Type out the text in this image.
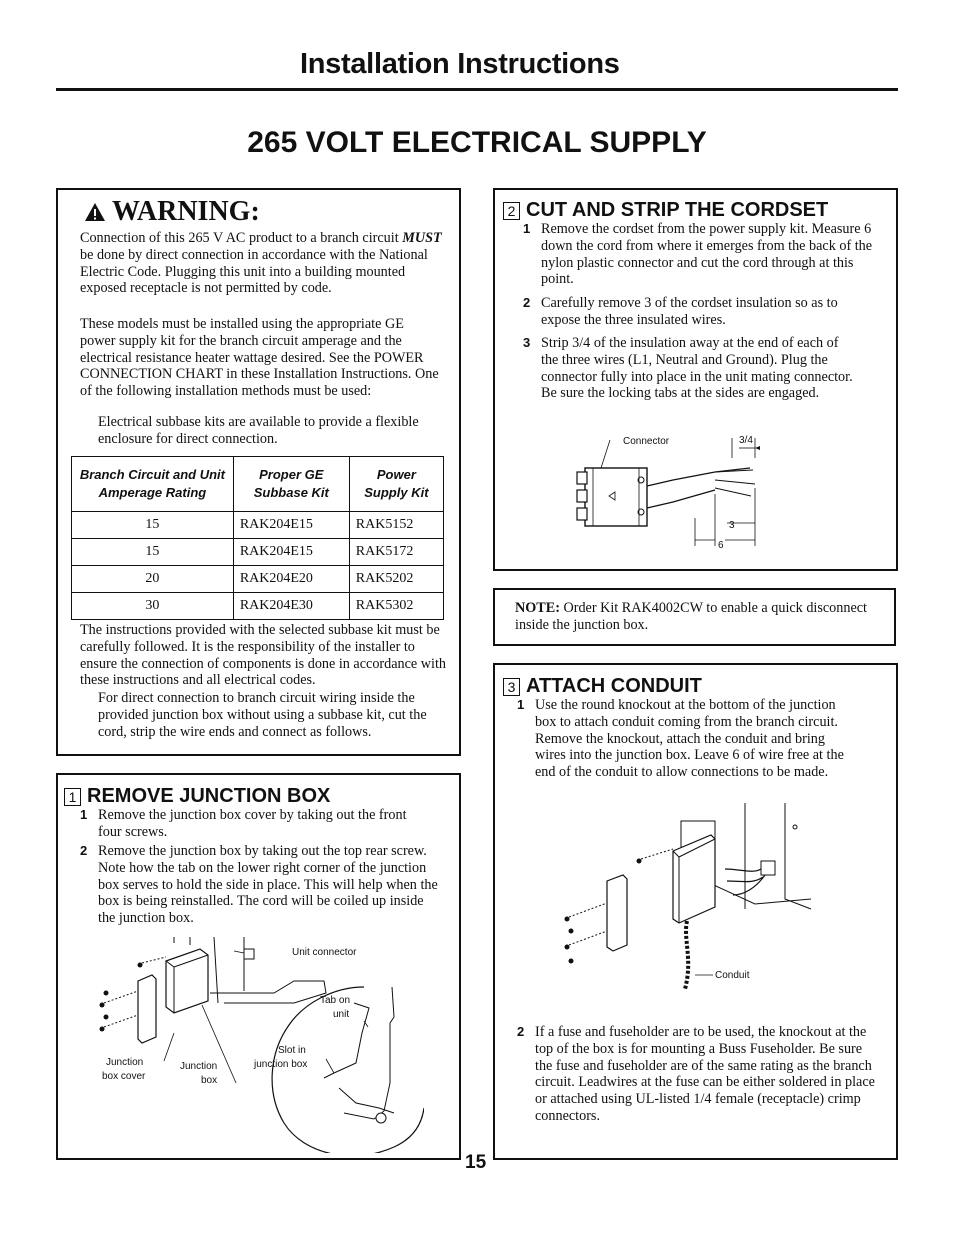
Installation Instructions
265 VOLT ELECTRICAL SUPPLY
WARNING:
Connection of this 265 V AC product to a branch circuit MUST be done by direct connection in accordance with the National Electric Code. Plugging this unit into a building mounted exposed receptacle is not permitted by code.
These models must be installed using the appropriate GE power supply kit for the branch circuit amperage and the electrical resistance heater wattage desired. See the POWER CONNECTION CHART in these Installation Instructions. One of the following installation methods must be used:
Electrical subbase kits are available to provide a flexible enclosure for direct connection.
Branch Circuit and Unit Amperage Rating	Proper GE Subbase Kit	Power Supply Kit
15	RAK204E15	RAK5152
15	RAK204E15	RAK5172
20	RAK204E20	RAK5202
30	RAK204E30	RAK5302
The instructions provided with the selected subbase kit must be carefully followed. It is the responsibility of the installer to ensure the connection of components is done in accordance with these instructions and all electrical codes.
For direct connection to branch circuit wiring inside the provided junction box without using a subbase kit, cut the cord, strip the wire ends and connect as follows.
2 CUT AND STRIP THE CORDSET
1 Remove the cordset from the power supply kit. Measure 6 down the cord from where it emerges from the back of the nylon plastic connector and cut the cord through at this point.
2 Carefully remove 3 of the cordset insulation so as to expose the three insulated wires.
3 Strip 3/4 of the insulation away at the end of each of the three wires (L1, Neutral and Ground). Plug the connector fully into place in the unit mating connector. Be sure the locking tabs at the sides are engaged.
Connector	3/4
3
6
NOTE: Order Kit RAK4002CW to enable a quick disconnect inside the junction box.
1 REMOVE JUNCTION BOX
1 Remove the junction box cover by taking out the front four screws.
2 Remove the junction box by taking out the top rear screw. Note how the tab on the lower right corner of the junction box serves to hold the side in place. This will help when the box is being reinstalled. The cord will be coiled up inside the junction box.
Unit connector
Tab on
unit
Slot in
junction box
Junction
box cover
Junction
box
3 ATTACH CONDUIT
1 Use the round knockout at the bottom of the junction box to attach conduit coming from the branch circuit. Remove the knockout, attach the conduit and bring wires into the junction box. Leave 6 of wire free at the end of the conduit to allow connections to be made.
Conduit
2 If a fuse and fuseholder are to be used, the knockout at the top of the box is for mounting a Buss Fuseholder. Be sure the fuse and fuseholder are of the same rating as the branch circuit. Leadwires at the fuse can be either soldered in place or attached using UL-listed 1/4 female (receptacle) crimp connectors.
15
